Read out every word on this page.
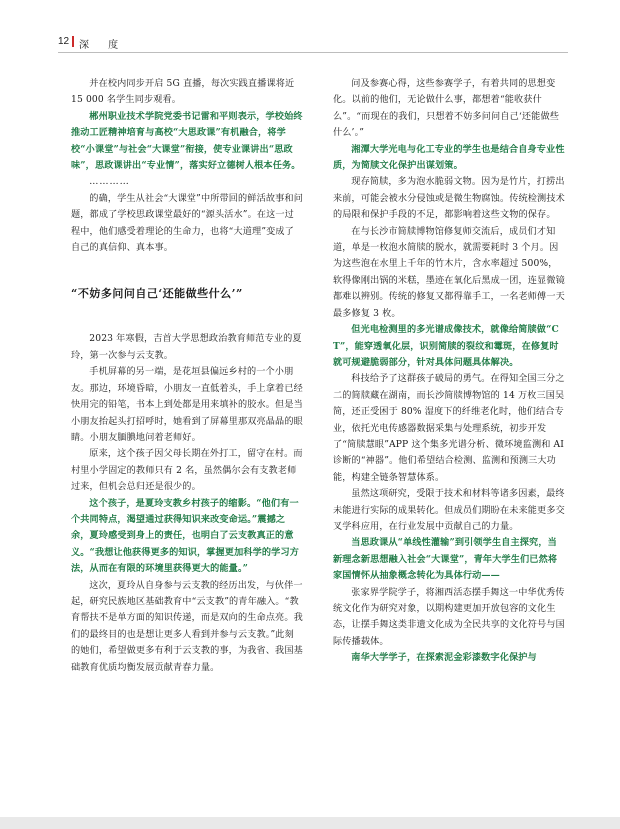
12 深 度

并在校内同步开启 5G 直播，每次实践直播课将近 15 000 名学生同步观看。

郴州职业技术学院党委书记雷和平则表示，学校始终推动工匠精神培育与高校“大思政课”有机融合，将学校“小课堂”与社会“大课堂”衔接，使专业课讲出“思政味”，思政课讲出“专业情”，落实好立德树人根本任务。

…………

的确，学生从社会“大课堂”中所带回的鲜活故事和问题，都成了学校思政课堂最好的“源头活水”。在这一过程中，他们感受着理论的生命力，也将“大道理”变成了自己的真信仰、真本事。

“不妨多问问自己‘还能做些什么’”

2023 年寒假，吉首大学思想政治教育师范专业的夏玲，第一次参与云支教。

手机屏幕的另一端，是花垣县偏远乡村的一个小朋友。那边，环境昏暗，小朋友一直低着头，手上拿着已经快用完的铅笔，书本上到处都是用来填补的胶水。但是当小朋友抬起头打招呼时，她看到了屏幕里那双亮晶晶的眼睛。小朋友腼腆地问着老师好。

原来，这个孩子因父母长期在外打工，留守在村。而村里小学固定的教师只有 2 名，虽然偶尔会有支教老师过来，但机会总归还是很少的。

这个孩子，是夏玲支教乡村孩子的缩影。“他们有一个共同特点，渴望通过获得知识来改变命运。”震撼之余，夏玲感受到身上的责任，也明白了云支教真正的意义。“我想让他获得更多的知识，掌握更加科学的学习方法，从而在有限的环境里获得更大的能量。”

这次，夏玲从自身参与云支教的经历出发，与伙伴一起，研究民族地区基础教育中“云支教”的青年融入。“教育帮扶不是单方面的知识传递，而是双向的生命点亮。我们的最终目的也是想让更多人看到并参与云支教。”此刻的她们，希望做更多有利于云支教的事，为我省、我国基础教育优质均衡发展贡献青春力量。

问及参赛心得，这些参赛学子，有着共同的思想变化。以前的他们，无论做什么事，都想着“能收获什么”。“而现在的我们，只想着不妨多问问自己‘还能做些什么’。”

湘潭大学光电与化工专业的学生也是结合自身专业性质，为简牍文化保护出谋划策。

现存简牍，多为泡水脆弱文物。因为是竹片，打捞出来前，可能会被水分侵蚀或是微生物腐蚀。传统检测技术的局限和保护手段的不足，都影响着这些文物的保存。

在与长沙市简牍博物馆修复师交流后，成员们才知道，单是一枚泡水简牍的脱水，就需要耗时 3 个月。因为这些泡在水里上千年的竹木片，含水率超过 500%，软得像刚出锅的米糕，墨迹在氧化后黑成一团，连显微镜都难以辨别。传统的修复又都得靠手工，一名老师傅一天最多修复 3 枚。

但光电检测里的多光谱成像技术，就像给简牍做“CT”，能穿透氧化层，识别简牍的裂纹和霉斑，在修复时就可规避脆弱部分，针对具体问题具体解决。

科技给予了这群孩子破局的勇气。在得知全国三分之二的简牍藏在湖南，而长沙简牍博物馆的 14 万枚三国吴简，还正受困于 80% 湿度下的纤维老化时，他们结合专业，依托光电传感器数据采集与处理系统，初步开发了“简牍慧眼”APP 这个集多光谱分析、微环境监测和 AI 诊断的“神器”。他们希望结合检测、监测和预测三大功能，构建全链条智慧体系。

虽然这项研究，受限于技术和材料等诸多因素，最终未能进行实际的成果转化。但成员们期盼在未来能更多交叉学科应用，在行业发展中贡献自己的力量。

当思政课从“单线性灌输”到引领学生自主探究，当新理念新思想融入社会“大课堂”，青年大学生们已然将家国情怀从抽象概念转化为具体行动——

张家界学院学子，将湘西活态摆手舞这一中华优秀传统文化作为研究对象，以期构建更加开放包容的文化生态，让摆手舞这类非遗文化成为全民共享的文化符号与国际传播载体。

南华大学学子，在探索泥金彩漆数字化保护与
